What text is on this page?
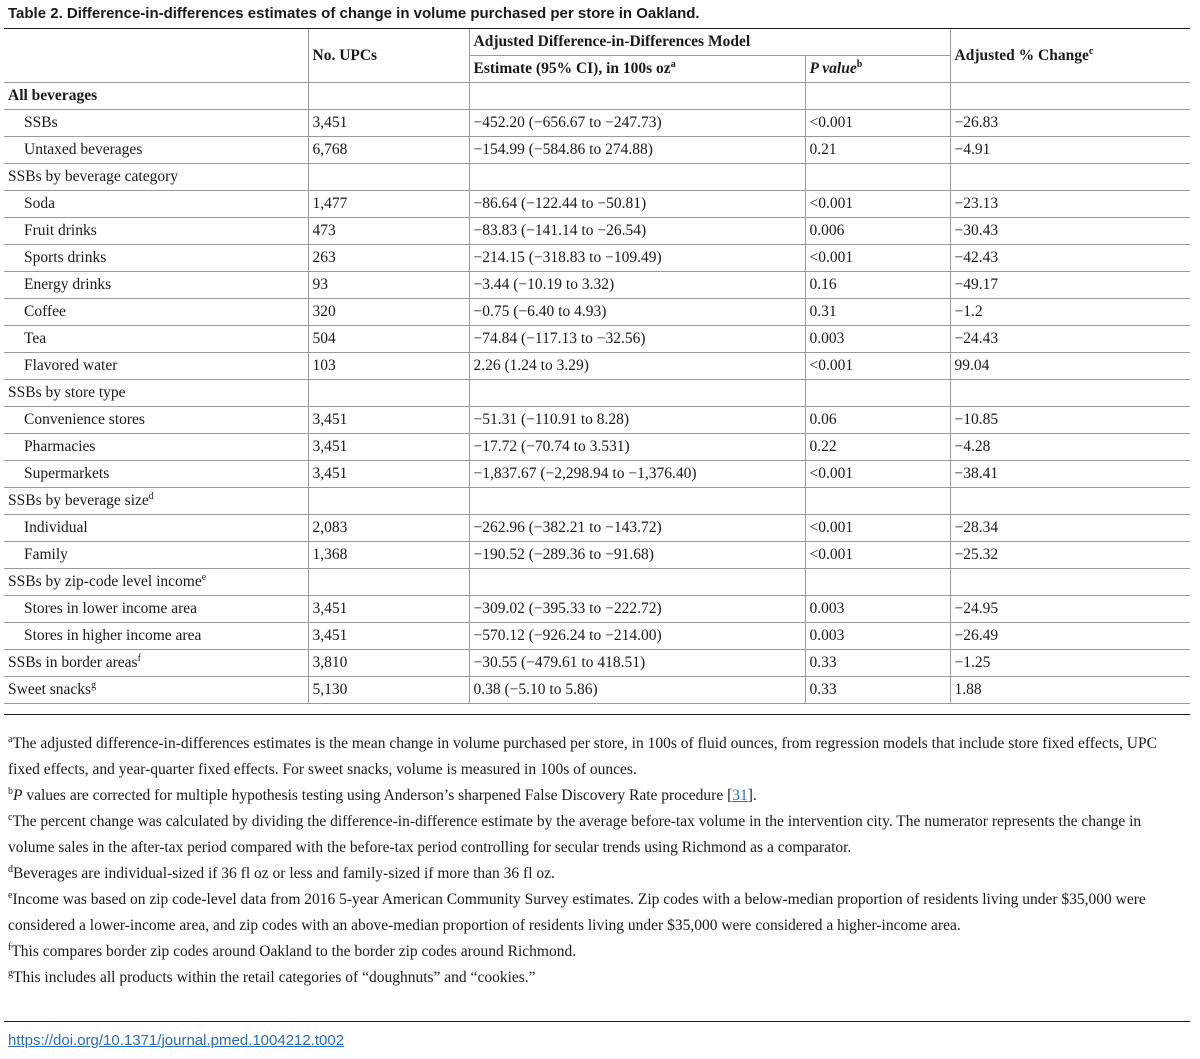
Table 2. Difference-in-differences estimates of change in volume purchased per store in Oakland.
	No. UPCs	Adjusted Difference-in-Differences Model		Adjusted % Change$^c$
		Estimate (95% CI), in 100s $oz^a$	P value$^b$
All beverages				
SSBs	3,451	−452.20 (−656.67 to −247.73)	<0.001	−26.83
Untaxed beverages	6,768	−154.99 (−584.86 to 274.88)	0.21	−4.91
SSBs by beverage category				
Soda	1,477	−86.64 (−122.44 to −50.81)	<0.001	−23.13
Fruit drinks	473	−83.83 (−141.14 to −26.54)	0.006	−30.43
Sports drinks	263	−214.15 (−318.83 to −109.49)	<0.001	−42.43
Energy drinks	93	−3.44 (−10.19 to 3.32)	0.16	−49.17
Coffee	320	−0.75 (−6.40 to 4.93)	0.31	−1.2
Tea	504	−74.84 (−117.13 to −32.56)	0.003	−24.43
Flavored water	103	2.26 (1.24 to 3.29)	<0.001	99.04
SSBs by store type				
Convenience stores	3,451	−51.31 (−110.91 to 8.28)	0.06	−10.85
Pharmacies	3,451	−17.72 (−70.74 to 3.531)	0.22	−4.28
Supermarkets	3,451	−1,837.67 (−2,298.94 to −1,376.40)	<0.001	−38.41
SSBs by beverage size$^d$				
Individual	2,083	−262.96 (−382.21 to −143.72)	<0.001	−28.34
Family	1,368	−190.52 (−289.36 to −91.68)	<0.001	−25.32
SSBs by zip-code level income$^e$				
Stores in lower income area	3,451	−309.02 (−395.33 to −222.72)	0.003	−24.95
Stores in higher income area	3,451	−570.12 (−926.24 to −214.00)	0.003	−26.49
SSBs in border areas$^f$	3,810	−30.55 (−479.61 to 418.51)	0.33	−1.25
Sweet snacks$^g$	5,130	0.38 (−5.10 to 5.86)	0.33	1.88

$^a$The adjusted difference-in-differences estimates is the mean change in volume purchased per store, in 100s of fluid ounces, from regression models that include store fixed effects, UPC fixed effects, and year-quarter fixed effects. For sweet snacks, volume is measured in 100s of ounces.

$^b$P values are corrected for multiple hypothesis testing using Anderson’s sharpened False Discovery Rate procedure [31].

$^c$The percent change was calculated by dividing the difference-in-difference estimate by the average before-tax volume in the intervention city. The numerator represents the change in volume sales in the after-tax period compared with the before-tax period controlling for secular trends using Richmond as a comparator.

$^d$Beverages are individual-sized if 36 fl oz or less and family-sized if more than 36 fl oz.

$^e$Income was based on zip code-level data from 2016 5-year American Community Survey estimates. Zip codes with a below-median proportion of residents living under $35,000 were considered a lower-income area, and zip codes with an above-median proportion of residents living under $35,000 were considered a higher-income area.

$^f$This compares border zip codes around Oakland to the border zip codes around Richmond.

$^g$This includes all products within the retail categories of “doughnuts” and “cookies.”

https://doi.org/10.1371/journal.pmed.1004212.t002
